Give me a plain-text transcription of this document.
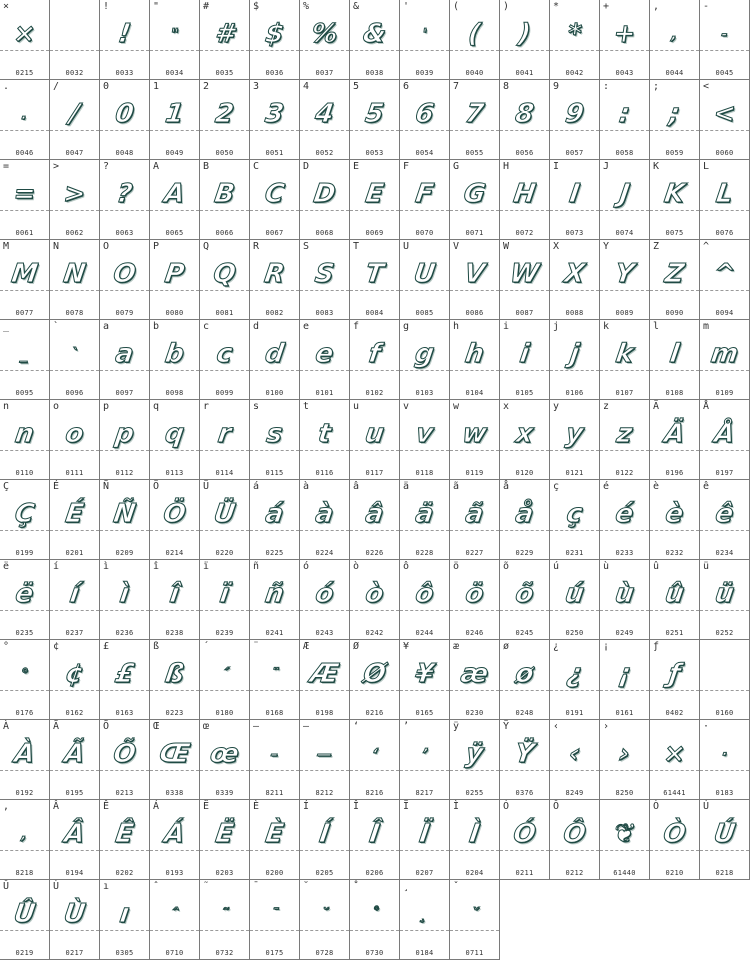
×
×
0215	0032
!
!
0033
"
"
0034
#
#
0035
$
$
0036
%
%
0037
&
&
0038
'
'
0039
(
(
0040
)
)
0041
*
*
0042
+
+
0043
,
,
0044
-
-
0045
.
.
0046
/
/
0047
0
0
0048
1
1
0049
2
2
0050
3
3
0051
4
4
0052
5
5
0053
6
6
0054
7
7
0055
8
8
0056
9
9
0057
:
:
0058
;
;
0059
<
<
0060
=
=
0061
>
>
0062
?
?
0063
A
A
0065
B
B
0066
C
C
0067
D
D
0068
E
E
0069
F
F
0070
G
G
0071
H
H
0072
I
I
0073
J
J
0074
K
K
0075
L
L
0076
M
M
0077
N
N
0078
O
O
0079
P
P
0080
Q
Q
0081
R
R
0082
S
S
0083
T
T
0084
U
U
0085
V
V
0086
W
W
0087
X
X
0088
Y
Y
0089
Z
Z
0090
^
^
0094
_
_
0095
`
`
0096
a
a
0097
b
b
0098
c
c
0099
d
d
0100
e
e
0101
f
f
0102
g
g
0103
h
h
0104
i
i
0105
j
j
0106
k
k
0107
l
l
0108
m
m
0109
n
n
0110
o
o
0111
p
p
0112
q
q
0113
r
r
0114
s
s
0115
t
t
0116
u
u
0117
v
v
0118
w
w
0119
x
x
0120
y
y
0121
z
z
0122
Ä
Ä
0196
Å
Å
0197
Ç
Ç
0199
É
É
0201
Ñ
Ñ
0209
Ö
Ö
0214
Ü
Ü
0220
á
á
0225
à
à
0224
â
â
0226
ä
ä
0228
ã
ã
0227
å
å
0229
ç
ç
0231
é
é
0233
è
è
0232
ê
ê
0234
ë
ë
0235
í
í
0237
ì
ì
0236
î
î
0238
ï
ï
0239
ñ
ñ
0241
ó
ó
0243
ò
ò
0242
ô
ô
0244
ö
ö
0246
õ
õ
0245
ú
ú
0250
ù
ù
0249
û
û
0251
ü
ü
0252
°
°
0176
¢
¢
0162
£
£
0163
ß
ß
0223
´
´
0180
¨
¨
0168
Æ
Æ
0198
Ø
Ø
0216
¥
¥
0165
æ
æ
0230
ø
ø
0248
¿
¿
0191
¡
¡
0161
ƒ
ƒ
0402	0160
À
À
0192
Ã
Ã
0195
Õ
Õ
0213
Œ
Œ
0338
œ
œ
0339
–
–
8211
—
—
8212
‘
‘
8216
’
’
8217
ÿ
ÿ
0255
Ÿ
Ÿ
0376
‹
‹
8249
›
›
8250
×
61441
·
·
0183
‚
‚
8218
Â
Â
0194
Ê
Ê
0202
Á
Á
0193
Ë
Ë
0203
È
È
0200
Í
Í
0205
Î
Î
0206
Ï
Ï
0207
Ì
Ì
0204
Ó
Ó
0211
Ô
Ô
0212
❦
61440
Ò
Ò
0210
Ú
Ú
0218
Û
Û
0219
Ù
Ù
0217
ı
ı
0305
ˆ
ˆ
0710
˜
˜
0732
¯
¯
0175
˘
˘
0728
˚
˚
0730
¸
¸
0184
ˇ
ˇ
0711
